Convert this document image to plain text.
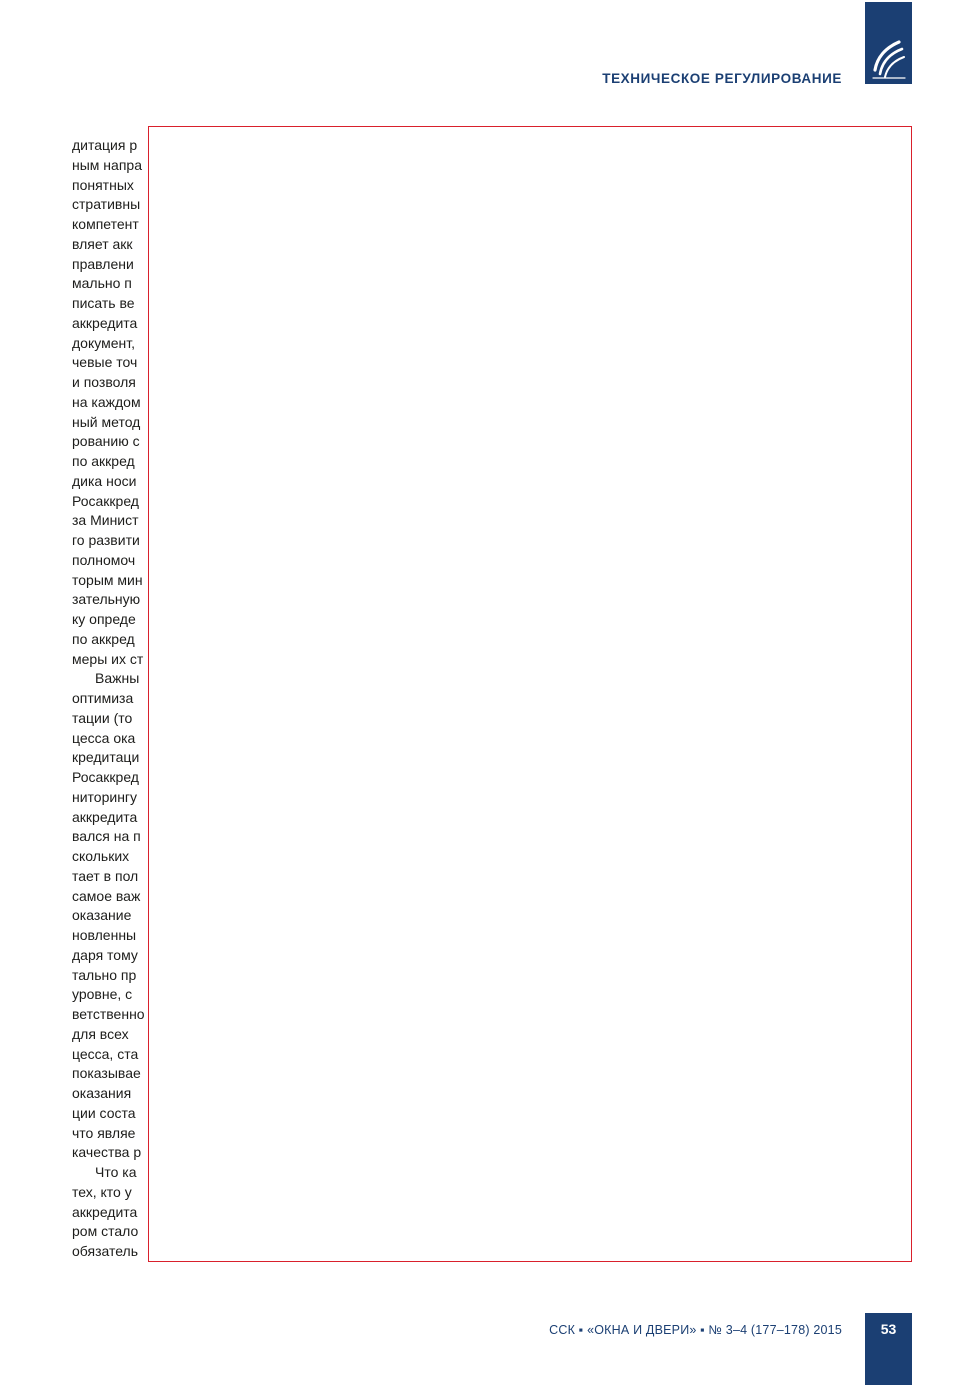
ТЕХНИЧЕСКОЕ РЕГУЛИРОВАНИЕ
дитация р
ным напра
понятных
стративны
компетент
вляет акк
правлени
мально п
писать ве
аккредита
документ,
чевые точ
и позволя
на каждом
ный метод
рованию с
по аккред
дика носи
Росаккред
за Минист
го развити
полномоч
торым мин
зательную
ку опреде
по аккред
меры их ст
Важны
оптимиза
тации (то
цесса ока
кредитаци
Росаккред
ниторингу
аккредита
вался на п
скольких
тает в пол
самое важ
оказание
новленны
даря тому
тально пр
уровне, с
ветственно
для всех
цесса, ста
показывае
оказания
ции соста
что являе
качества р
Что ка
тех, кто у
аккредита
ром стало
обязатель
ССК ▪ «ОКНА И ДВЕРИ» ▪ № 3–4 (177–178) 2015	53
